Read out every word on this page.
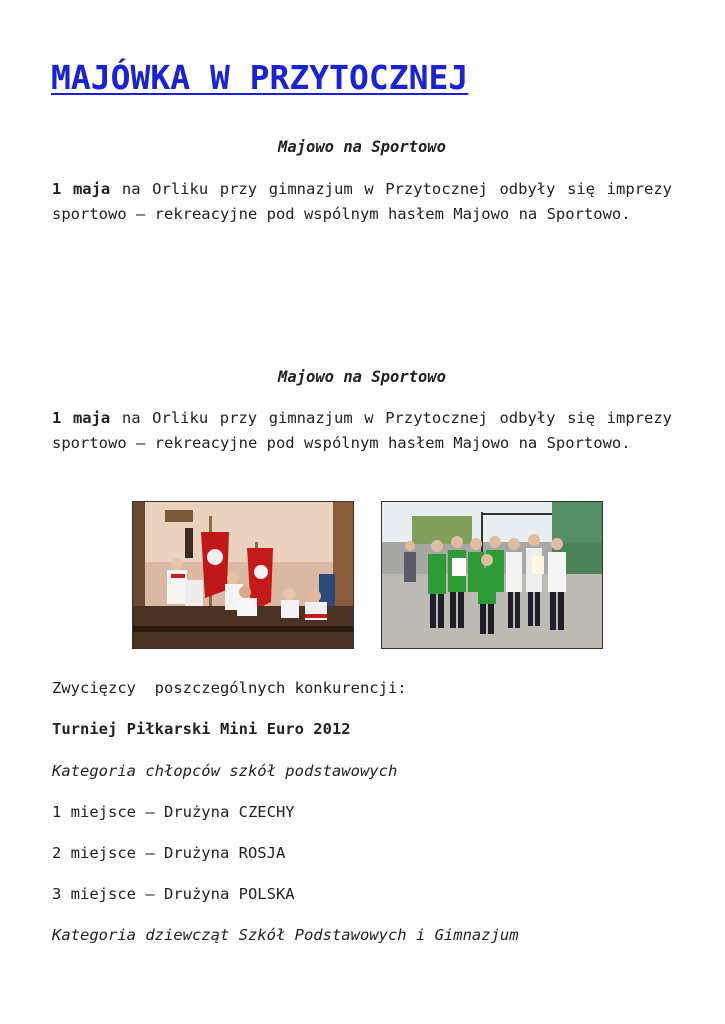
MAJÓWKA W PRZYTOCZNEJ

Majowo na Sportowo

1 maja na Orliku przy gimnazjum w Przytocznej odbyły się imprezy sportowo – rekreacyjne pod wspólnym hasłem Majowo na Sportowo.

Majowo na Sportowo

1 maja na Orliku przy gimnazjum w Przytocznej odbyły się imprezy sportowo – rekreacyjne pod wspólnym hasłem Majowo na Sportowo.

Zwycięzcy  poszczególnych konkurencji:

Turniej Piłkarski Mini Euro 2012

Kategoria chłopców szkół podstawowych

1 miejsce – Drużyna CZECHY

2 miejsce – Drużyna ROSJA

3 miejsce – Drużyna POLSKA

Kategoria dziewcząt Szkół Podstawowych i Gimnazjum
